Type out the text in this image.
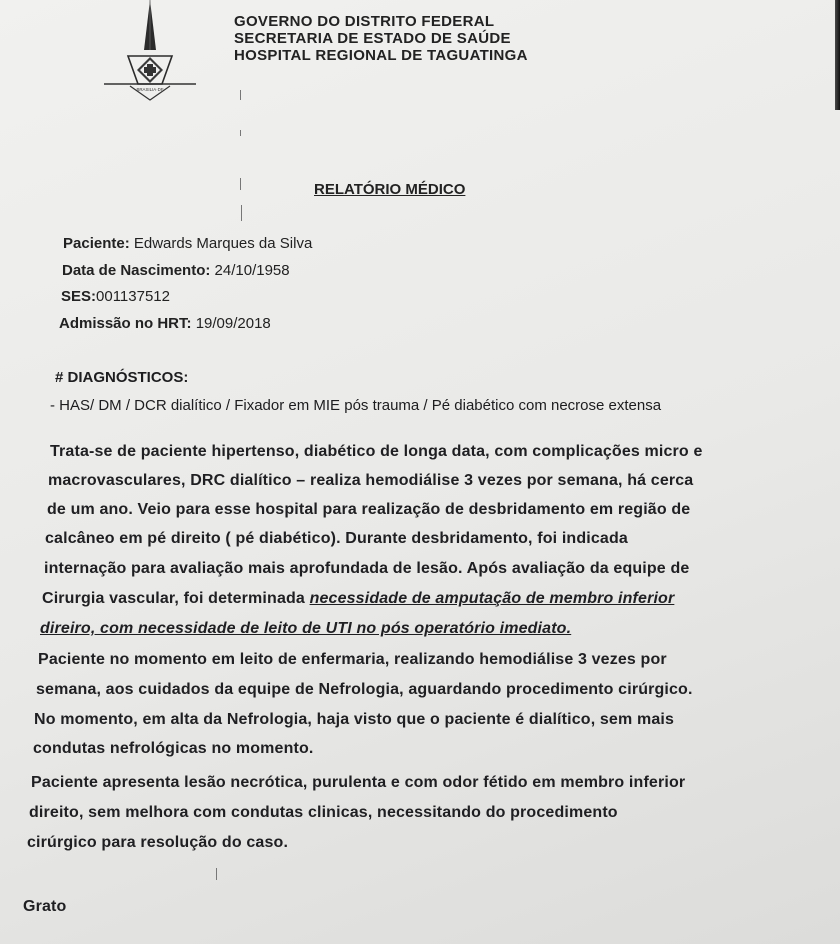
BRASILIA·DF
GOVERNO DO DISTRITO FEDERAL
SECRETARIA DE ESTADO DE SAÚDE
HOSPITAL REGIONAL DE TAGUATINGA
RELATÓRIO MÉDICO
Paciente: Edwards Marques da Silva
Data de Nascimento: 24/10/1958
SES:001137512
Admissão no HRT: 19/09/2018
# DIAGNÓSTICOS:
- HAS/ DM / DCR dialítico / Fixador em MIE pós trauma / Pé diabético com necrose extensa
Trata-se de paciente hipertenso, diabético de longa data, com complicações micro e
macrovasculares, DRC dialítico – realiza hemodiálise 3 vezes por semana, há cerca
de um ano. Veio para esse hospital para realização de desbridamento em região de
calcâneo em pé direito ( pé diabético). Durante desbridamento, foi indicada
internação para avaliação mais aprofundada de lesão. Após avaliação da equipe de
Cirurgia vascular, foi determinada necessidade de amputação de membro inferior
direiro, com necessidade de leito de UTI no pós operatório imediato.
Paciente no momento em leito de enfermaria, realizando hemodiálise 3 vezes por
semana, aos cuidados da equipe de Nefrologia, aguardando procedimento cirúrgico.
No momento, em alta da Nefrologia, haja visto que o paciente é dialítico, sem mais
condutas nefrológicas no momento.
Paciente apresenta lesão necrótica, purulenta e com odor fétido em membro inferior
direito, sem melhora com condutas clinicas, necessitando do procedimento
cirúrgico para resolução do caso.
Grato
